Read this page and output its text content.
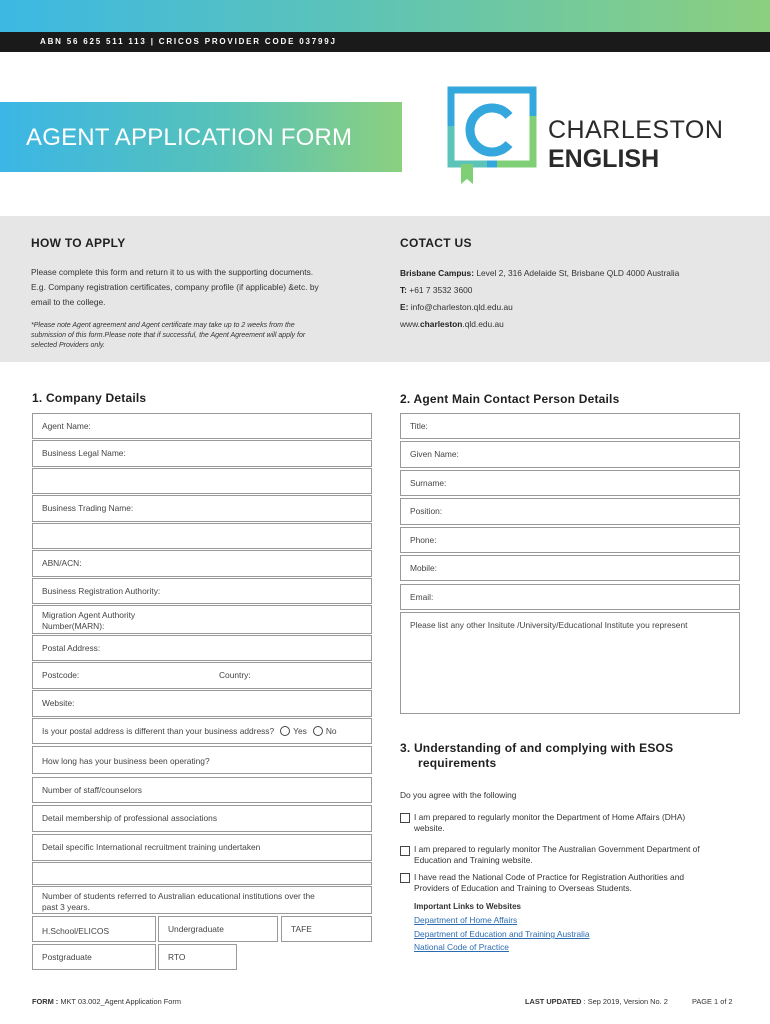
ABN 56 625 511 113 | CRICOS PROVIDER CODE 03799J
AGENT APPLICATION FORM	CHARLESTON
ENGLISH
HOW TO APPLY
Please complete this form and return it to us with the supporting documents.
E.g. Company registration certificates, company profile (if applicable) &etc. by
email to the college.
*Please note Agent agreement and Agent certificate may take up to 2 weeks from the
submission of this form.Please note that if successful, the Agent Agreement will apply for
selected Providers only.
COTACT US
Brisbane Campus: Level 2, 316 Adelaide St, Brisbane QLD 4000 Australia
T: +61 7 3532 3600
E: info@charleston.qld.edu.au
www.charleston.qld.edu.au
1. Company Details
Agent Name:
Business Legal Name:
Business Trading Name:
ABN/ACN:
Business Registration Authority:
Migration Agent Authority
Number(MARN):
Postal Address:
Postcode:	Country:
Website:
Is your postal address is different than your business address? Yes No
How long has your business been operating?
Number of staff/counselors
Detail membership of professional associations
Detail specific International recruitment training undertaken
Number of students referred to Australian educational institutions over the
past 3 years.
H.School/ELICOS	Undergraduate	TAFE
Postgraduate	RTO
2. Agent Main Contact Person Details
Title:
Given Name:
Surname:
Position:
Phone:
Mobile:
Email:
Please list any other Insitute /University/Educational Institute you represent
3. Understanding of and complying with ESOS
requirements
Do you agree with the following
I am prepared to regularly monitor the Department of Home Affairs (DHA)
website.
I am prepared to regularly monitor The Australian Government Department of
Education and Training website.
I have read the National Code of Practice for Registration Authorities and
Providers of Education and Training to Overseas Students.
Important Links to Websites
Department of Home Affairs
Department of Education and Training Australia
National Code of Practice
FORM : MKT 03.002_Agent Application Form	LAST UPDATED : Sep 2019, Version No. 2	PAGE 1 of 2
